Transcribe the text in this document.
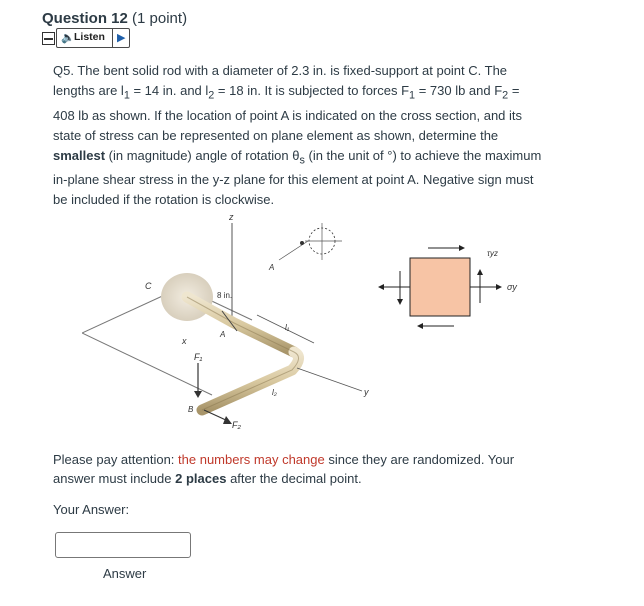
Question 12 (1 point)
🔈 Listen ▶

Q5. The bent solid rod with a diameter of 2.3 in. is fixed-support at point C. The lengths are $l_1 = 14$ in. and $l_2 = 18$ in. It is subjected to forces $F_1 = 730$ lb and $F_2 = 408$ lb as shown. If the location of point A is indicated on the cross section, and its state of stress can be represented on plane element as shown, determine the smallest (in magnitude) angle of rotation $\theta_s$ (in the unit of °) to achieve the maximum in-plane shear stress in the y-z plane for this element at point A. Negative sign must be included if the rotation is clockwise.

z
C
A
8 in.
x
F₁
B
F₂
l₁
l₂	y
A
τyz
σy
Please pay attention: the numbers may change since they are randomized. Your answer must include 2 places after the decimal point.
Your Answer:
Answer
